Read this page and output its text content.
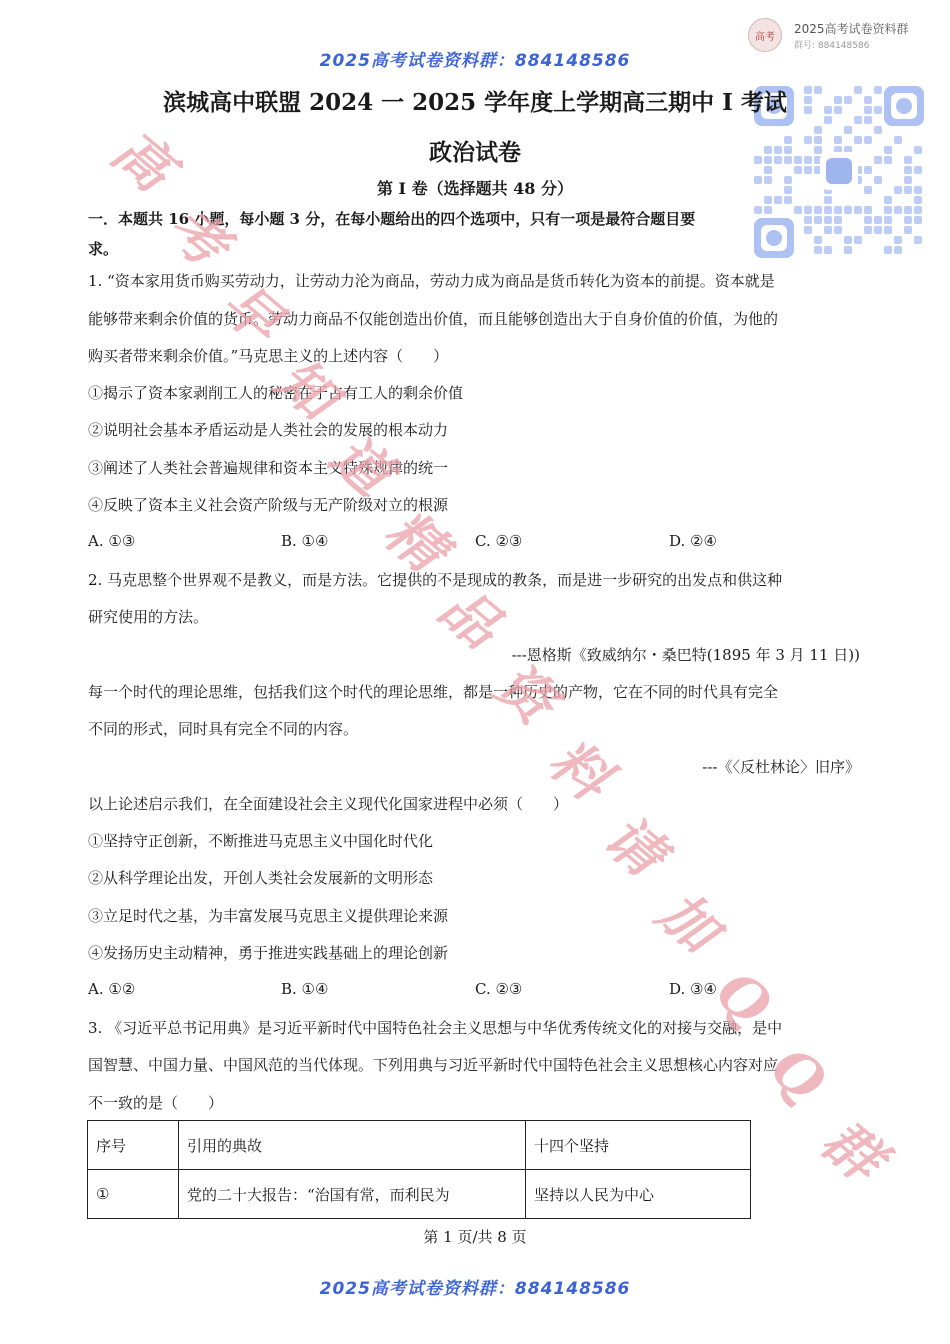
2025高考试卷资料群：884148586
高考
2025高考试卷资料群
群号: 884148586
滨城高中联盟 2024 一 2025 学年度上学期高三期中 I 考试
政治试卷
第 I 卷（选择题共 48 分）
一．本题共 16 小题，每小题 3 分，在每小题给出的四个选项中，只有一项是最符合题目要
求。
1. “资本家用货币购买劳动力，让劳动力沦为商品，劳动力成为商品是货币转化为资本的前提。资本就是
能够带来剩余价值的货币。劳动力商品不仅能创造出价值，而且能够创造出大于自身价值的价值，为他的
购买者带来剩余价值。”马克思主义的上述内容（　　）
①揭示了资本家剥削工人的秘密在于占有工人的剩余价值
②说明社会基本矛盾运动是人类社会的发展的根本动力
③阐述了人类社会普遍规律和资本主义特殊规律的统一
④反映了资本主义社会资产阶级与无产阶级对立的根源
A. ①③	B. ①④	C. ②③	D. ②④
2. 马克思整个世界观不是教义，而是方法。它提供的不是现成的教条，而是进一步研究的出发点和供这种
研究使用的方法。
---恩格斯《致威纳尔・桑巴特(1895 年 3 月 11 日))
每一个时代的理论思维，包括我们这个时代的理论思维，都是一种历史的产物，它在不同的时代具有完全
不同的形式，同时具有完全不同的内容。
---《〈反杜林论〉旧序》
以上论述启示我们，在全面建设社会主义现代化国家进程中必须（　　）
①坚持守正创新，不断推进马克思主义中国化时代化
②从科学理论出发，开创人类社会发展新的文明形态
③立足时代之基，为丰富发展马克思主义提供理论来源
④发扬历史主动精神，勇于推进实践基础上的理论创新
A. ①②	B. ①④	C. ②③	D. ③④
3. 《习近平总书记用典》是习近平新时代中国特色社会主义思想与中华优秀传统文化的对接与交融，是中
国智慧、中国力量、中国风范的当代体现。下列用典与习近平新时代中国特色社会主义思想核心内容对应
不一致的是（　　）
序号	引用的典故	十四个坚持
①	党的二十大报告：“治国有常，而利民为	坚持以人民为中心
第 1 页/共 8 页
2025高考试卷资料群：884148586
高
考
早
知
道
精
品
资
料
请
加
Q
Q
群
